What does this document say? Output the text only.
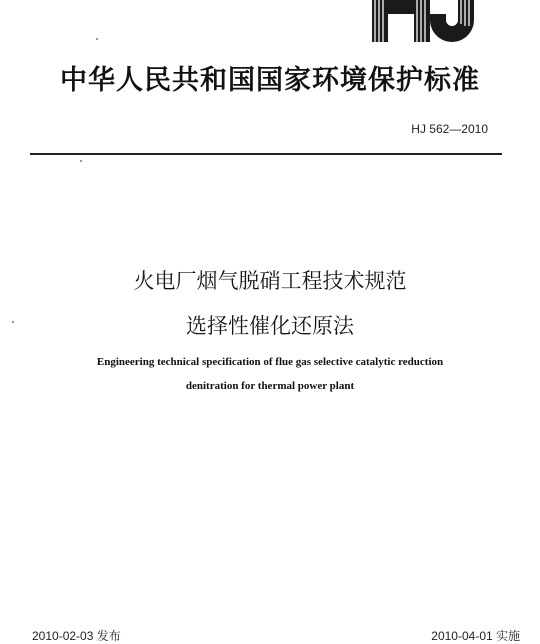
中华人民共和国国家环境保护标准
HJ 562—2010
火电厂烟气脱硝工程技术规范
选择性催化还原法
Engineering technical specification of flue gas selective catalytic reduction
denitration for thermal power plant
2010-02-03 发布	2010-04-01 实施
